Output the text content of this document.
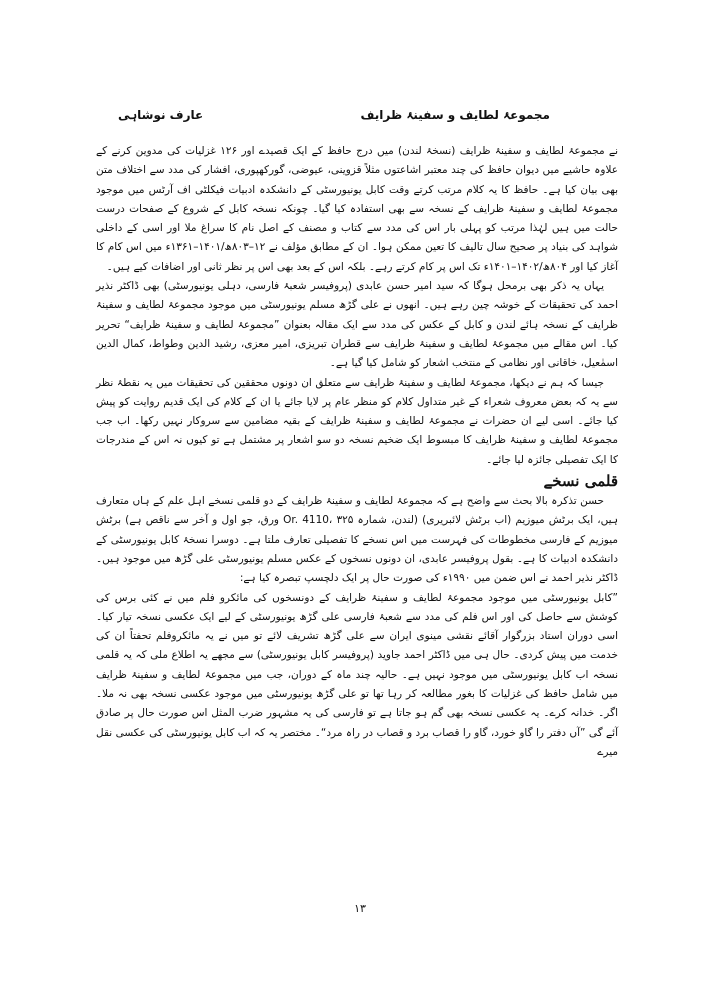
مجموعۂ لطایف و سفینۂ ظرایف
عارف نوشاہی

نے مجموعۂ لطایف و سفینۂ ظرایف (نسخۂ لندن) میں درج حافظ کے ایک قصیدے اور ۱۲۶ غزلیات کی مدوین کرنے کے علاوہ حاشیے میں دیوان حافظ کی چند معتبر اشاعتوں مثلاً قزوینی، عیوضی، گورکھپوری، افشار کی مدد سے اختلاف متن بھی بیان کیا ہے۔ حافظ کا یہ کلام مرتب کرتے وقت کابل یونیورسٹی کے دانشکدہ ادبیات فیکلٹی اف آرٹس میں موجود مجموعۂ لطایف و سفینۂ ظرایف کے نسخہ سے بھی استفادہ کیا گیا۔ چونکہ نسخہ کابل کے شروع کے صفحات درست حالت میں ہیں لہٰذا مرتب کو پہلی بار اس کی مدد سے کتاب و مصنف کے اصل نام کا سراغ ملا اور اسی کے داخلی شواہد کی بنیاد پر صحیح سال تالیف کا تعین ممکن ہوا۔ ان کے مطابق مؤلف نے ۱۲–۸۰۳ھ/۱۴۰۱–۱۳۶۱ء میں اس کام کا آغاز کیا اور ۸۰۴ھ/۱۴۰۲–۱۴۰۱ء تک اس پر کام کرتے رہے۔ بلکہ اس کے بعد بھی اس پر نظر ثانی اور اضافات کیے ہیں۔

یہاں یہ ذکر بھی برمحل ہوگا کہ سید امیر حسن عابدی (پروفیسر شعبۂ فارسی، دہلی یونیورسٹی) بھی ڈاکٹر نذیر احمد کی تحقیقات کے خوشہ چین رہے ہیں۔ انھوں نے علی گڑھ مسلم یونیورسٹی میں موجود مجموعۂ لطایف و سفینۂ ظرایف کے نسخہ ہائے لندن و کابل کے عکس کی مدد سے ایک مقالہ بعنوان ”مجموعۂ لطایف و سفینۂ ظرایف“ تحریر کیا۔ اس مقالے میں مجموعۂ لطایف و سفینۂ ظرایف سے قطران تبریزی، امیر معزی، رشید الدین وطواط، کمال الدین اسمٰعیل، خاقانی اور نظامی کے منتخب اشعار کو شامل کیا گیا ہے۔

جیسا کہ ہم نے دیکھا، مجموعۂ لطایف و سفینۂ ظرایف سے متعلق ان دونوں محققین کی تحقیقات میں یہ نقطۂ نظر سے یہ کہ بعض معروف شعراء کے غیر متداول کلام کو منظر عام پر لایا جائے یا ان کے کلام کی ایک قدیم روایت کو پیش کیا جائے۔ اسی لیے ان حضرات نے مجموعۂ لطایف و سفینۂ ظرایف کے بقیہ مضامین سے سروکار نہیں رکھا۔ اب جب مجموعۂ لطایف و سفینۂ ظرایف کا مبسوط ایک ضخیم نسخہ دو سو اشعار پر مشتمل ہے تو کیوں نہ اس کے مندرجات کا ایک تفصیلی جائزہ لیا جائے۔

قلمی نسخے

حسن تذکرہ بالا بحث سے واضح ہے کہ مجموعۂ لطایف و سفینۂ ظرایف کے دو قلمی نسخے اہل علم کے ہاں متعارف ہیں، ایک برٹش میوزیم (اب برٹش لائبریری) (لندن، شمارہ Or. 4110، ۳۲۵ ورق، جو اول و آخر سے ناقص ہے) برٹش میوزیم کے فارسی مخطوطات کی فہرست میں اس نسخے کا تفصیلی تعارف ملتا ہے۔ دوسرا نسخۂ کابل یونیورسٹی کے دانشکدہ ادبیات کا ہے۔ بقول پروفیسر عابدی، ان دونوں نسخوں کے عکس مسلم یونیورسٹی علی گڑھ میں موجود ہیں۔ ڈاکٹر نذیر احمد نے اس ضمن میں ۱۹۹۰ء کی صورت حال پر ایک دلچسپ تبصرہ کیا ہے:

”کابل یونیورسٹی میں موجود مجموعۂ لطایف و سفینۂ ظرایف کے دونسخوں کی مائکرو فلم میں نے کئی برس کی کوشش سے حاصل کی اور اس فلم کی مدد سے شعبۂ فارسی علی گڑھ یونیورسٹی کے لیے ایک عکسی نسخہ تیار کیا۔ اسی دوران استاد بزرگوار آقائے نقشی مینوی ایران سے علی گڑھ تشریف لائے تو میں نے یہ مائکروفلم تحفتاً ان کی خدمت میں پیش کردی۔ حال ہی میں ڈاکٹر احمد جاوید (پروفیسر کابل یونیورسٹی) سے مجھے یہ اطلاع ملی کہ یہ قلمی نسخہ اب کابل یونیورسٹی میں موجود نہیں ہے۔ حالیہ چند ماہ کے دوران، جب میں مجموعۂ لطایف و سفینۂ ظرایف میں شامل حافظ کی غزلیات کا بغور مطالعہ کر رہا تھا تو علی گڑھ یونیورسٹی میں موجود عکسی نسخہ بھی نہ ملا۔ اگر۔ خدانہ کرے۔ یہ عکسی نسخہ بھی گم ہو جاتا ہے تو فارسی کی یہ مشہور ضرب المثل اس صورت حال پر صادق آئے گی ”آں دفتر را گاو خورد، گاو را قصاب برد و قصاب در راہ مرد“۔ مختصر یہ کہ اب کابل یونیورسٹی کی عکسی نقل میرے

۱۳
